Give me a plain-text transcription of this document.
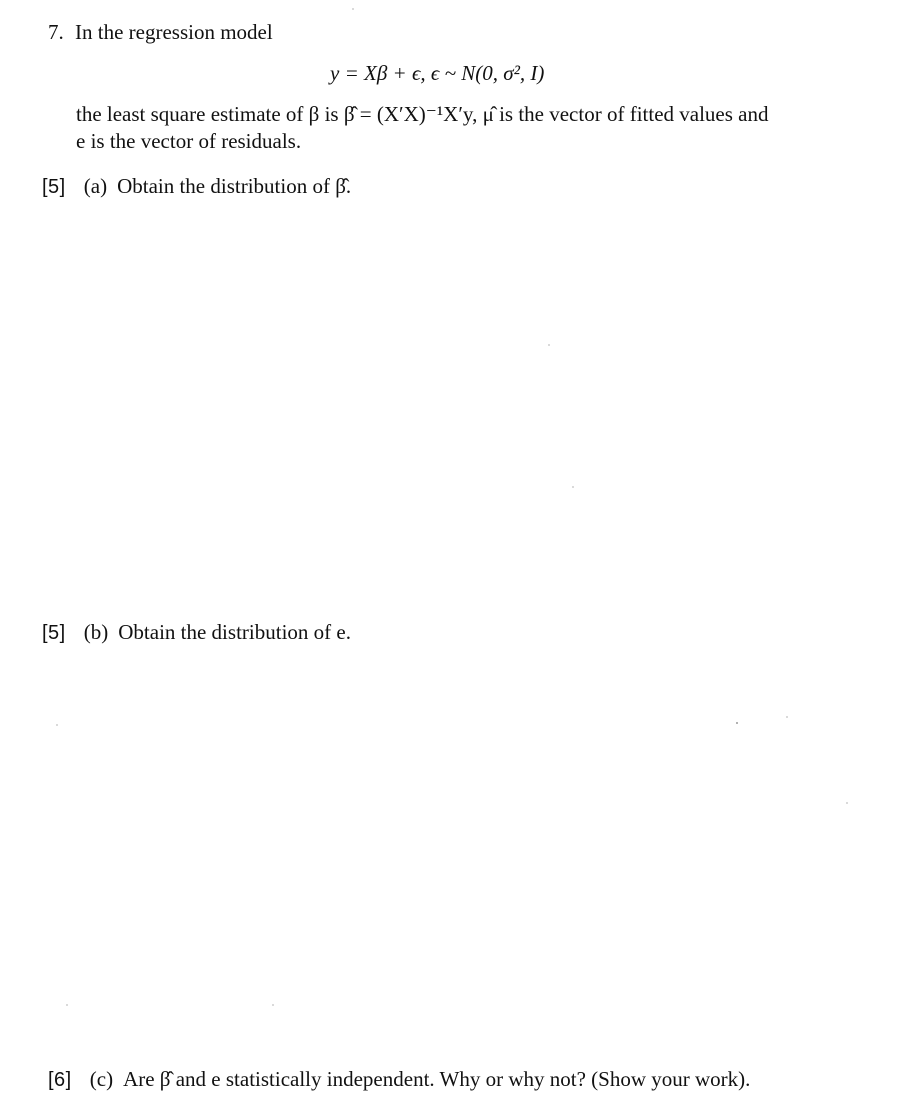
7. In the regression model
y = Xβ + ϵ, ϵ ~ N(0, σ², I)
the least square estimate of β is β̂ = (X′X)⁻¹X′y, μ̂ is the vector of fitted values and
e is the vector of residuals.
[5] (a) Obtain the distribution of β̂.
[5] (b) Obtain the distribution of e.
[6] (c) Are β̂ and e statistically independent. Why or why not? (Show your work).
